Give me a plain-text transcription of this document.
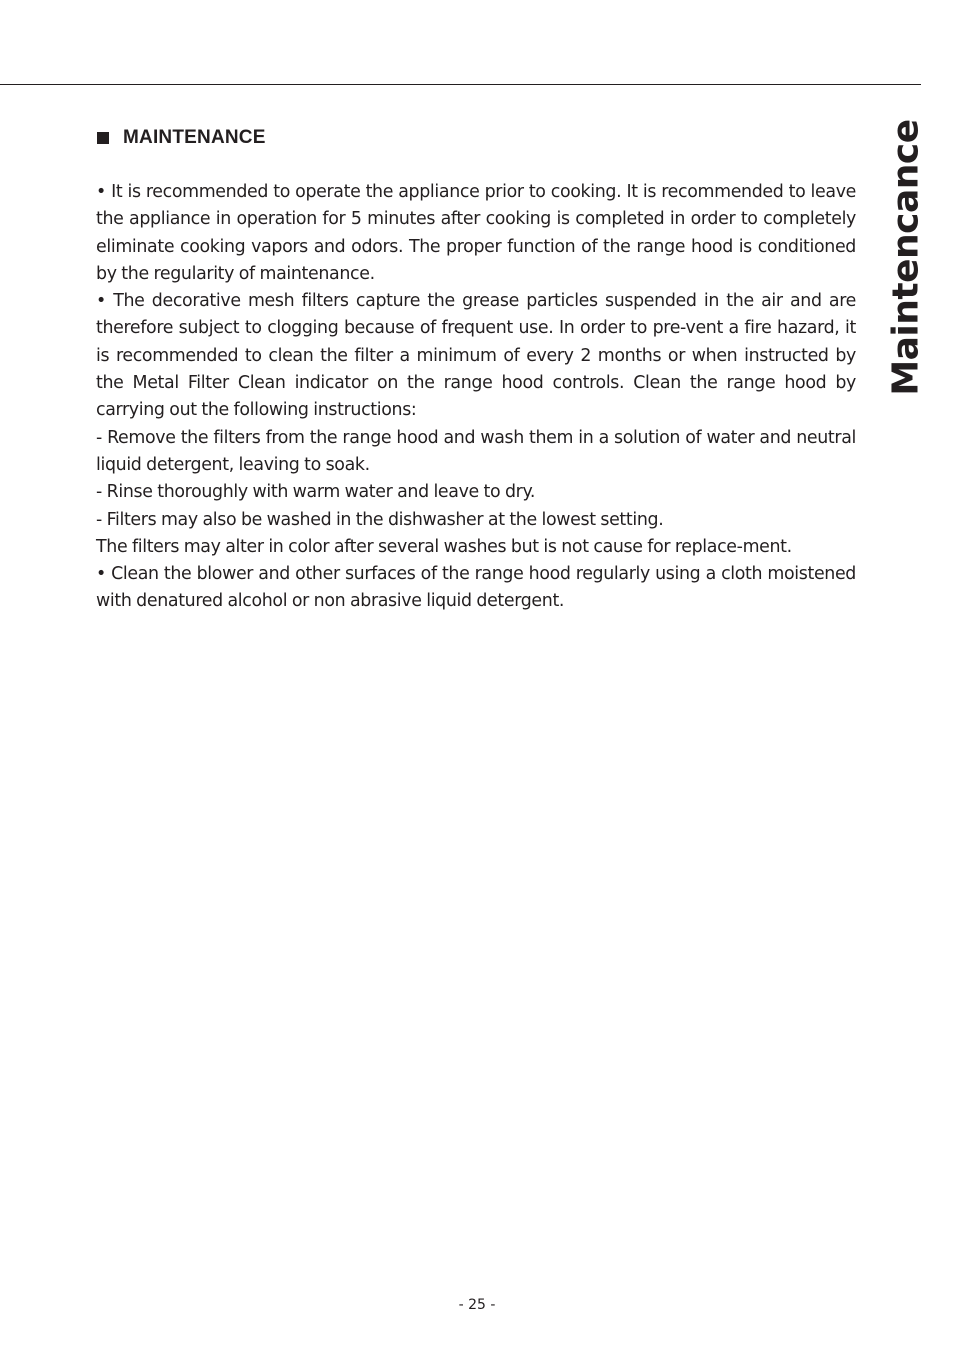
MAINTENANCE

• It is recommended to operate the appliance prior to cooking. It is recommended to leave the appliance in operation for 5 minutes after cooking is completed in order to completely eliminate cooking vapors and odors. The proper function of the range hood is conditioned by the regularity of maintenance.

• The decorative mesh filters capture the grease particles suspended in the air and are therefore subject to clogging because of frequent use. In order to pre-vent a fire hazard, it is recommended to clean the filter a minimum of every 2 months or when instructed by the Metal Filter Clean indicator on the range hood controls. Clean the range hood by carrying out the following instructions:

- Remove the filters from the range hood and wash them in a solution of water and neutral liquid detergent, leaving to soak.

- Rinse thoroughly with warm water and leave to dry.

- Filters may also be washed in the dishwasher at the lowest setting.

The filters may alter in color after several washes but is not cause for replace-ment.

• Clean the blower and other surfaces of the range hood regularly using a cloth moistened with denatured alcohol or non abrasive liquid detergent.

Maintencance
- 25 -
